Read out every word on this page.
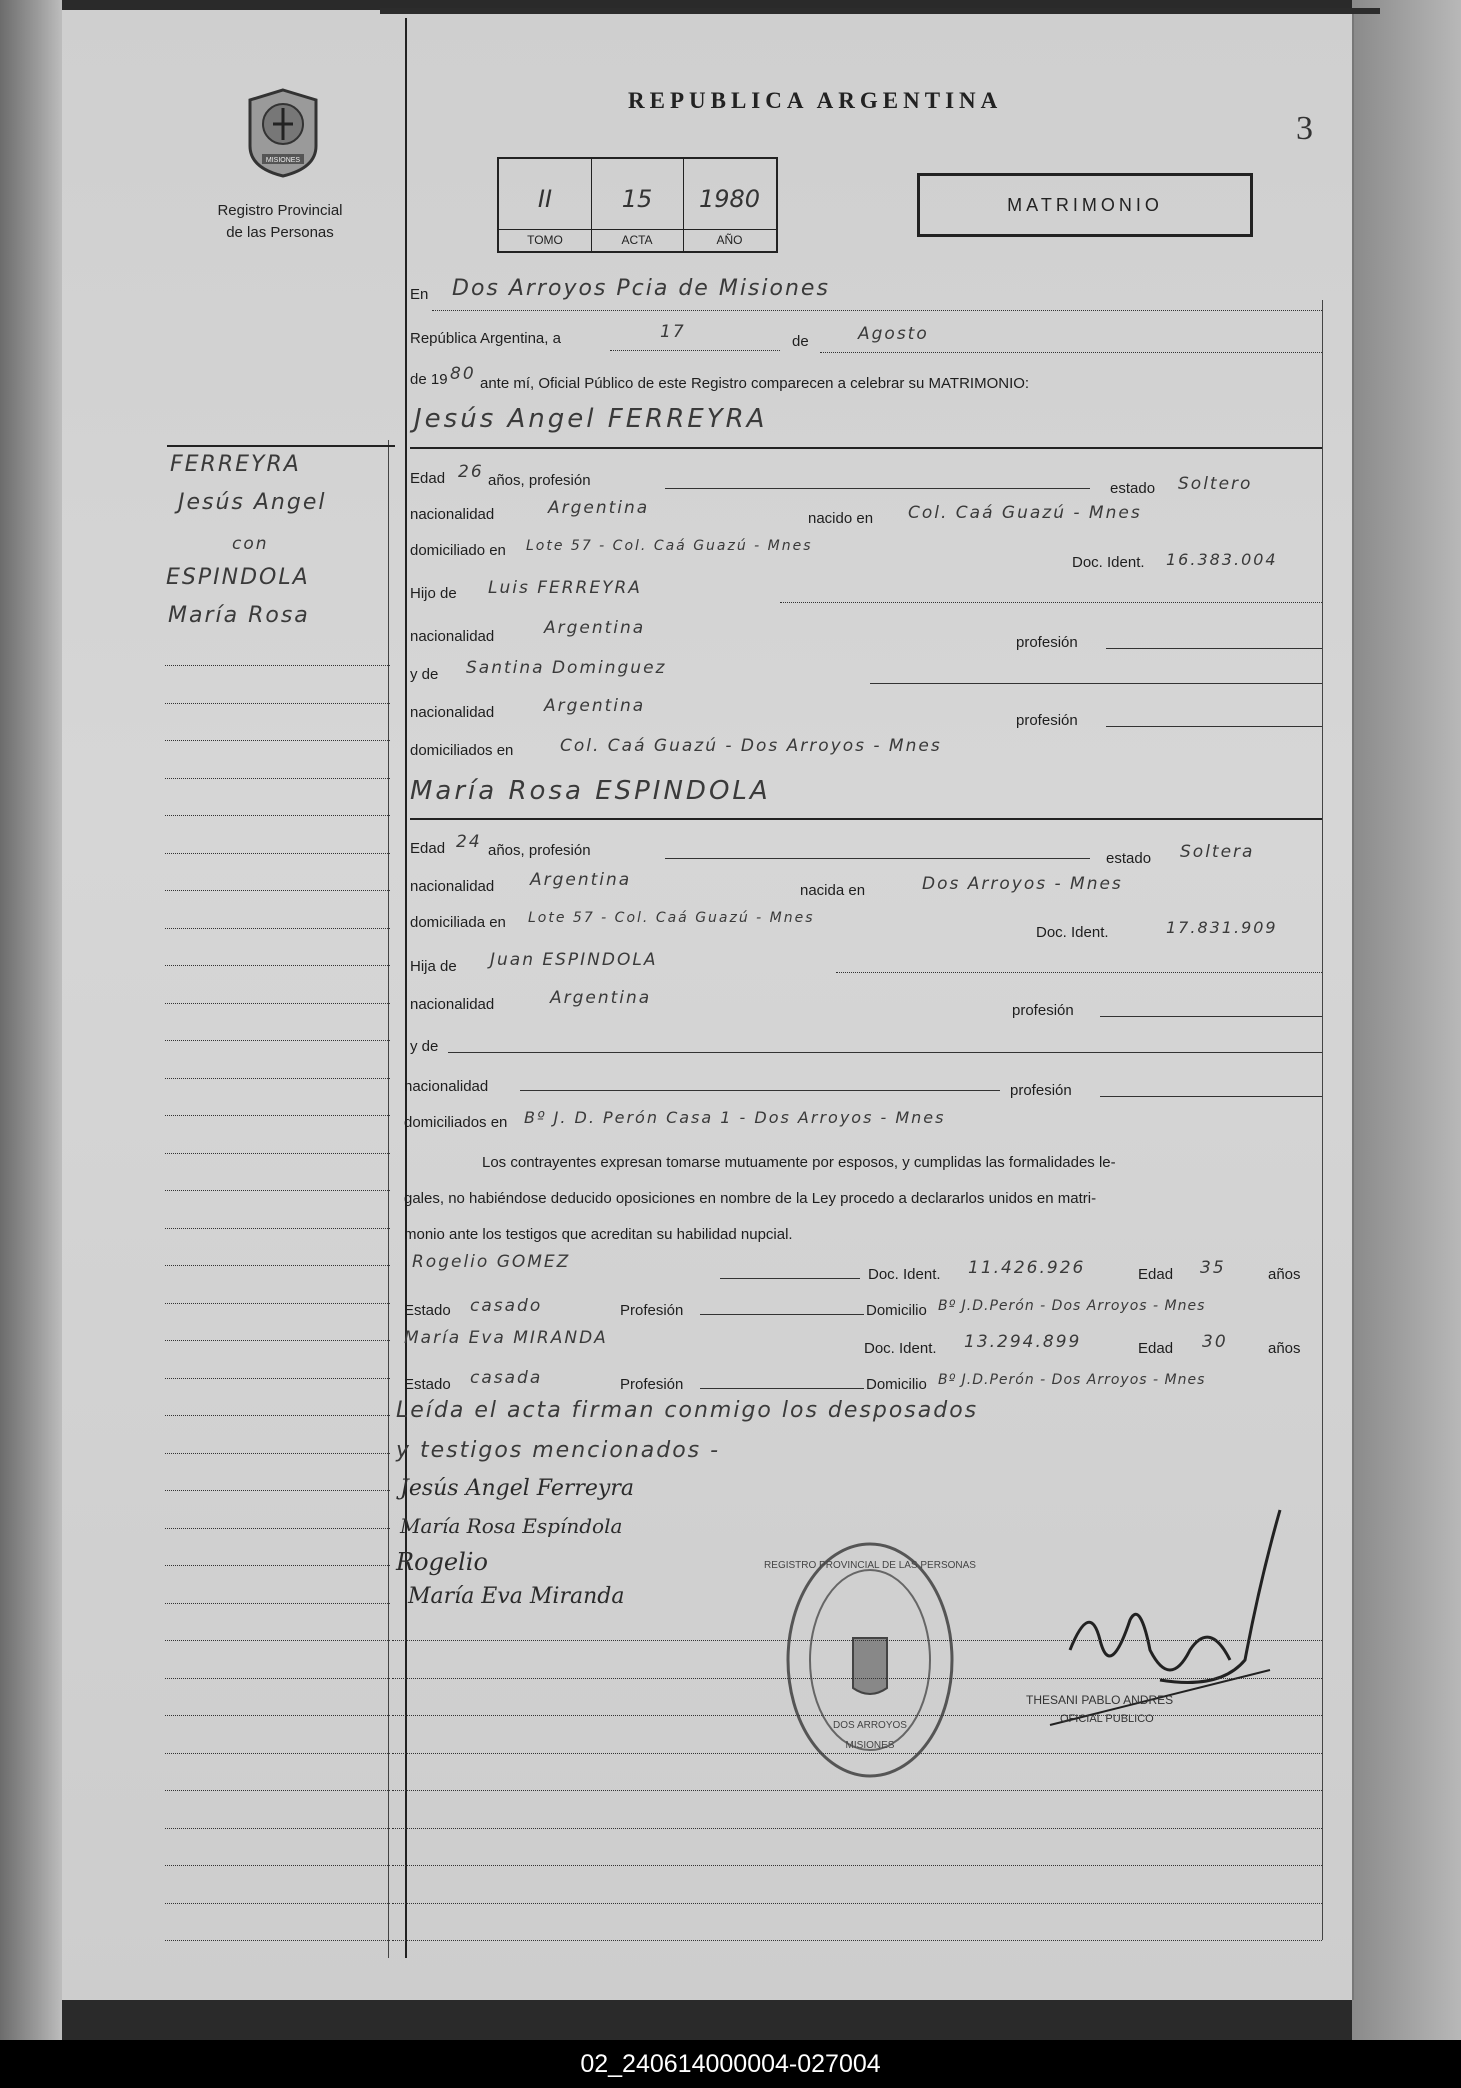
MISIONES
Registro Provincial
de las Personas
REPUBLICA ARGENTINA
3
II
TOMO
15
ACTA
1980
AÑO
MATRIMONIO
FERREYRA
Jesús Angel
con
ESPINDOLA
María Rosa
En Dos Arroyos Pcia de Misiones
República Argentina, a	17	de	Agosto
de 19 80 ante mí, Oficial Público de este Registro comparecen a celebrar su MATRIMONIO:
Jesús Angel FERREYRA
Edad 26 años, profesión	estado Soltero
nacionalidad	Argentina
nacido en Col. Caá Guazú - Mnes
domiciliado en Lote 57 - Col. Caá Guazú - Mnes
Doc. Ident. 16.383.004
Hijo de Luis FERREYRA
nacionalidad	Argentina
profesión
y de Santina Dominguez
nacionalidad	Argentina
profesión
domiciliados en	Col. Caá Guazú - Dos Arroyos - Mnes
María Rosa ESPINDOLA
Edad 24 años, profesión	estado Soltera
nacionalidad Argentina
nacida en	Dos Arroyos - Mnes
domiciliada en Lote 57 - Col. Caá Guazú - Mnes
Doc. Ident.	17.831.909
Hija de Juan ESPINDOLA
nacionalidad	Argentina
profesión
y de
nacionalidad	profesión
domiciliados en Bº J. D. Perón Casa 1 - Dos Arroyos - Mnes
Los contrayentes expresan tomarse mutuamente por esposos, y cumplidas las formalidades le-
gales, no habiéndose deducido oposiciones en nombre de la Ley procedo a declararlos unidos en matri-
monio ante los testigos que acreditan su habilidad nupcial.
Rogelio GOMEZ
Doc. Ident. 11.426.926	Edad 35	años
Estado casado	Profesión	Domicilio Bº J.D.Perón - Dos Arroyos - Mnes
María Eva MIRANDA
Doc. Ident. 13.294.899	Edad 30	años
Estado casada	Profesión	Domicilio Bº J.D.Perón - Dos Arroyos - Mnes
Leída el acta firman conmigo los desposados
y testigos mencionados -
Jesús Angel Ferreyra
María Rosa Espíndola
Rogelio
María Eva Miranda
REGISTRO PROVINCIAL DE LAS PERSONAS
DOS ARROYOS
MISIONES
THESANI PABLO ANDRES
OFICIAL PUBLICO
02_240614000004-027004
